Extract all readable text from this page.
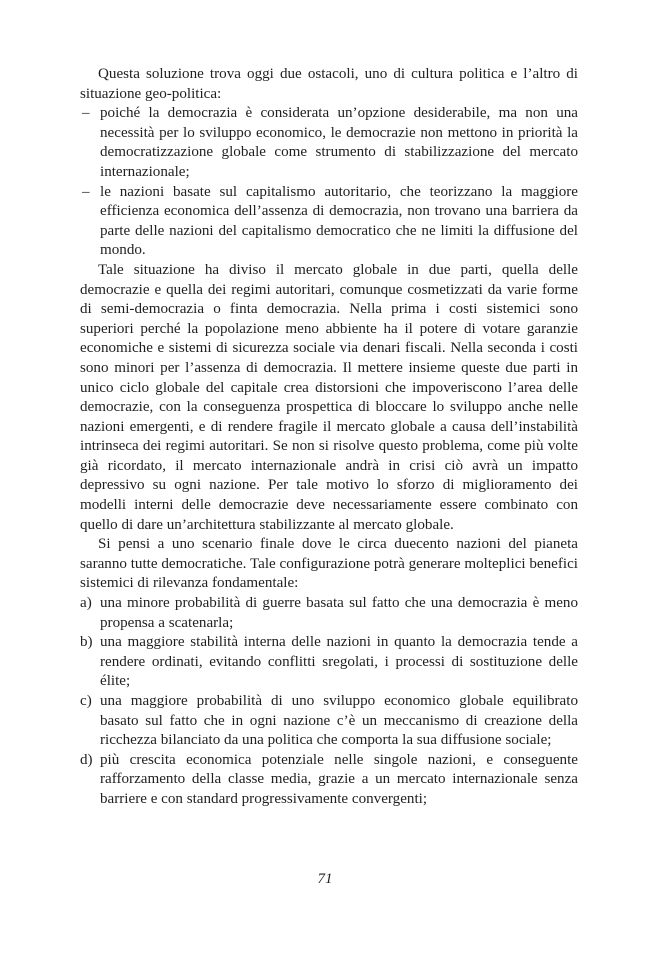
Questa soluzione trova oggi due ostacoli, uno di cultura politica e l’altro di situazione geo-politica:

– poiché la democrazia è considerata un’opzione desiderabile, ma non una necessità per lo sviluppo economico, le democrazie non mettono in priorità la democratizzazione globale come strumento di stabilizzazione del mercato internazionale;
– le nazioni basate sul capitalismo autoritario, che teorizzano la maggiore efficienza economica dell’assenza di democrazia, non trovano una barriera da parte delle nazioni del capitalismo democratico che ne limiti la diffusione del mondo.

Tale situazione ha diviso il mercato globale in due parti, quella delle democrazie e quella dei regimi autoritari, comunque cosmetizzati da varie forme di semi-democrazia o finta democrazia. Nella prima i costi sistemici sono superiori perché la popolazione meno abbiente ha il potere di votare garanzie economiche e sistemi di sicurezza sociale via denari fiscali. Nella seconda i costi sono minori per l’assenza di democrazia. Il mettere insieme queste due parti in unico ciclo globale del capitale crea distorsioni che impoveriscono l’area delle democrazie, con la conseguenza prospettica di bloccare lo sviluppo anche nelle nazioni emergenti, e di rendere fragile il mercato globale a causa dell’instabilità intrinseca dei regimi autoritari. Se non si risolve questo problema, come più volte già ricordato, il mercato internazionale andrà in crisi ciò avrà un impatto depressivo su ogni nazione. Per tale motivo lo sforzo di miglioramento dei modelli interni delle democrazie deve necessariamente essere combinato con quello di dare un’architettura stabilizzante al mercato globale.

Si pensi a uno scenario finale dove le circa duecento nazioni del pianeta saranno tutte democratiche. Tale configurazione potrà generare molteplici benefici sistemici di rilevanza fondamentale:

a) una minore probabilità di guerre basata sul fatto che una democrazia è meno propensa a scatenarla;
b) una maggiore stabilità interna delle nazioni in quanto la democrazia tende a rendere ordinati, evitando conflitti sregolati, i processi di sostituzione delle élite;
c) una maggiore probabilità di uno sviluppo economico globale equilibrato basato sul fatto che in ogni nazione c’è un meccanismo di creazione della ricchezza bilanciato da una politica che comporta la sua diffusione sociale;
d) più crescita economica potenziale nelle singole nazioni, e conseguente rafforzamento della classe media, grazie a un mercato internazionale senza barriere e con standard progressivamente convergenti;
71
